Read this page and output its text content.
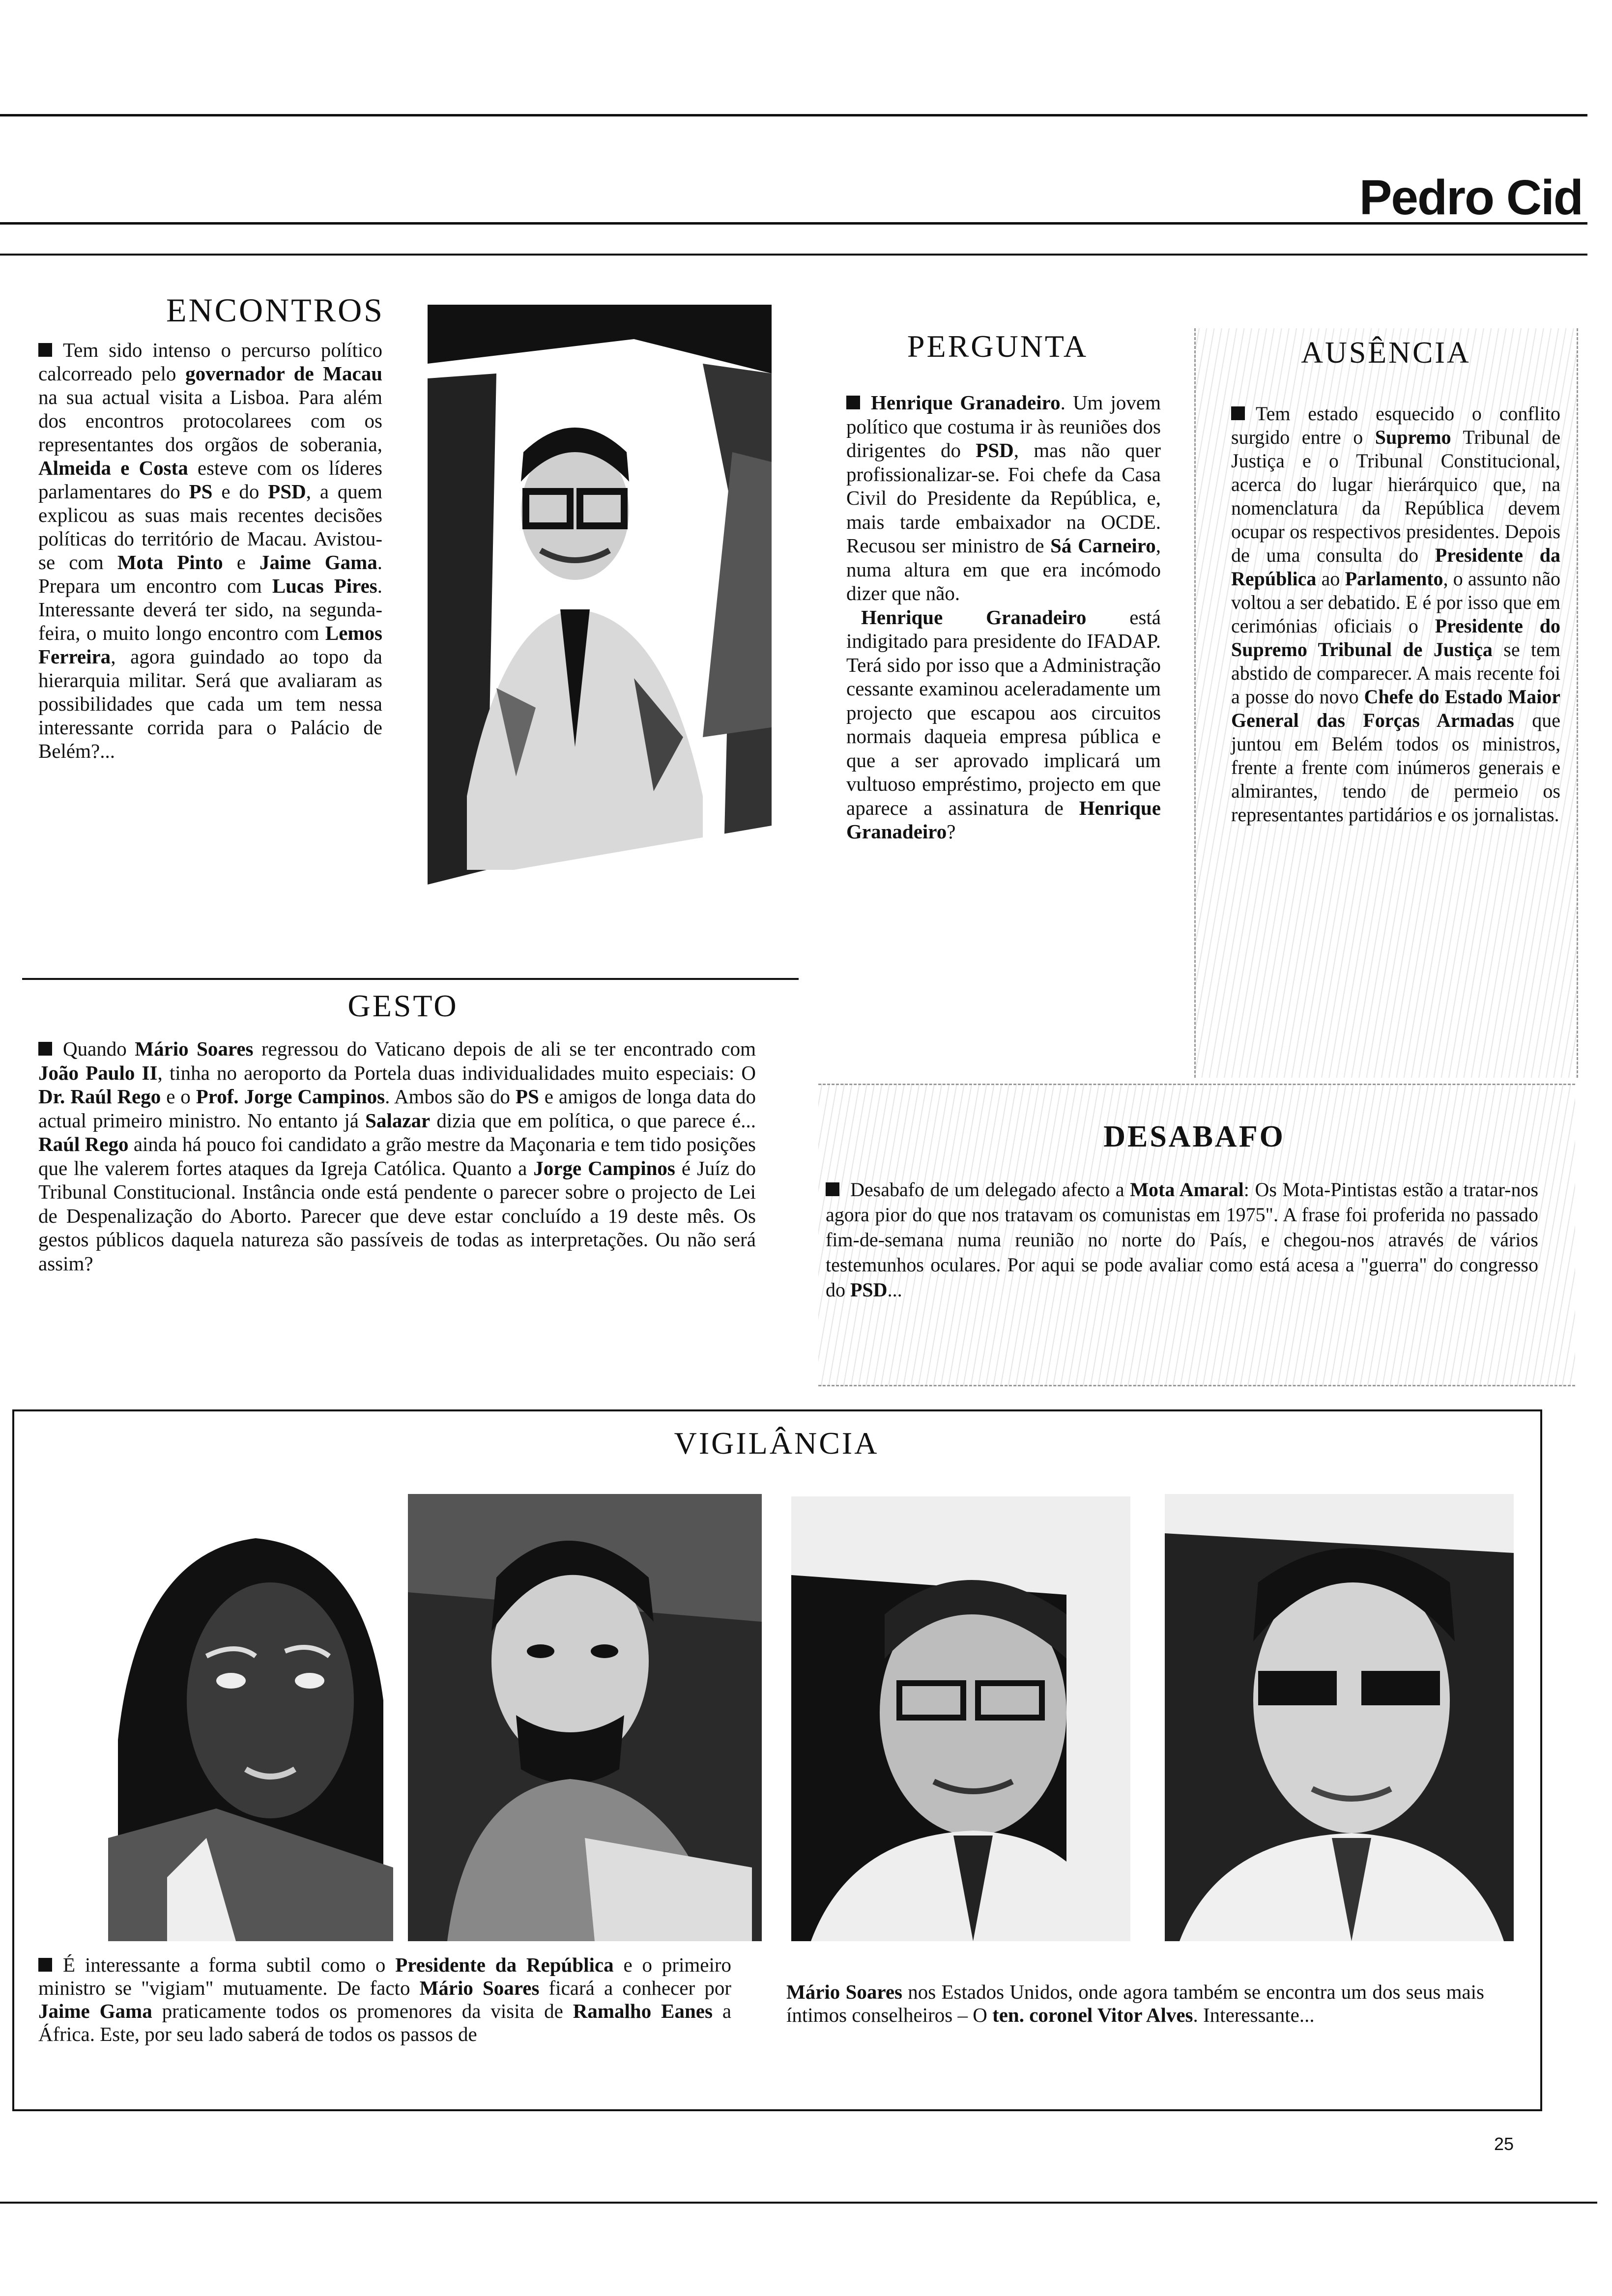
Pedro Cid
ENCONTROS
Tem sido intenso o percurso político calcorreado pelo governador de Macau na sua actual visita a Lisboa. Para além dos encontros protocolarees com os representantes dos orgãos de soberania, Almeida e Costa esteve com os líderes parlamentares do PS e do PSD, a quem explicou as suas mais recentes decisões políticas do território de Macau. Avistou-se com Mota Pinto e Jaime Gama. Prepara um encontro com Lucas Pires. Interessante deverá ter sido, na segunda-feira, o muito longo encontro com Lemos Ferreira, agora guindado ao topo da hierarquia militar. Será que avaliaram as possibilidades que cada um tem nessa interessante corrida para o Palácio de Belém?...
PERGUNTA
Henrique Granadeiro. Um jovem político que costuma ir às reuniões dos dirigentes do PSD, mas não quer profissionalizar-se. Foi chefe da Casa Civil do Presidente da República, e, mais tarde embaixador na OCDE. Recusou ser ministro de Sá Carneiro, numa altura em que era incómodo dizer que não.
Henrique Granadeiro está indigitado para presidente do IFADAP. Terá sido por isso que a Administração cessante examinou aceleradamente um projecto que escapou aos circuitos normais daqueia empresa pública e que a ser aprovado implicará um vultuoso empréstimo, projecto em que aparece a assinatura de Henrique Granadeiro?
AUSÊNCIA
Tem estado esquecido o conflito surgido entre o Supremo Tribunal de Justiça e o Tribunal Constitucional, acerca do lugar hierárquico que, na nomenclatura da República devem ocupar os respectivos presidentes. Depois de uma consulta do Presidente da República ao Parlamento, o assunto não voltou a ser debatido. E é por isso que em cerimónias oficiais o Presidente do Supremo Tribunal de Justiça se tem abstido de comparecer. A mais recente foi a posse do novo Chefe do Estado Maior General das Forças Armadas que juntou em Belém todos os ministros, frente a frente com inúmeros generais e almirantes, tendo de permeio os representantes partidários e os jornalistas.
GESTO
Quando Mário Soares regressou do Vaticano depois de ali se ter encontrado com João Paulo II, tinha no aeroporto da Portela duas individualidades muito especiais: O Dr. Raúl Rego e o Prof. Jorge Campinos. Ambos são do PS e amigos de longa data do actual primeiro ministro. No entanto já Salazar dizia que em política, o que parece é... Raúl Rego ainda há pouco foi candidato a grão mestre da Maçonaria e tem tido posições que lhe valerem fortes ataques da Igreja Católica. Quanto a Jorge Campinos é Juíz do Tribunal Constitucional. Instância onde está pendente o parecer sobre o projecto de Lei de Despenalização do Aborto. Parecer que deve estar concluído a 19 deste mês. Os gestos públicos daquela natureza são passíveis de todas as interpretações. Ou não será assim?
DESABAFO
Desabafo de um delegado afecto a Mota Amaral: Os Mota-Pintistas estão a tratar-nos agora pior do que nos tratavam os comunistas em 1975". A frase foi proferida no passado fim-de-semana numa reunião no norte do País, e chegou-nos através de vários testemunhos oculares. Por aqui se pode avaliar como está acesa a "guerra" do congresso do PSD...
VIGILÂNCIA
É interessante a forma subtil como o Presidente da República e o primeiro ministro se "vigiam" mutuamente. De facto Mário Soares ficará a conhecer por Jaime Gama praticamente todos os promenores da visita de Ramalho Eanes a África. Este, por seu lado saberá de todos os passos de
Mário Soares nos Estados Unidos, onde agora também se encontra um dos seus mais íntimos conselheiros – O ten. coronel Vitor Alves. Interessante...
25
